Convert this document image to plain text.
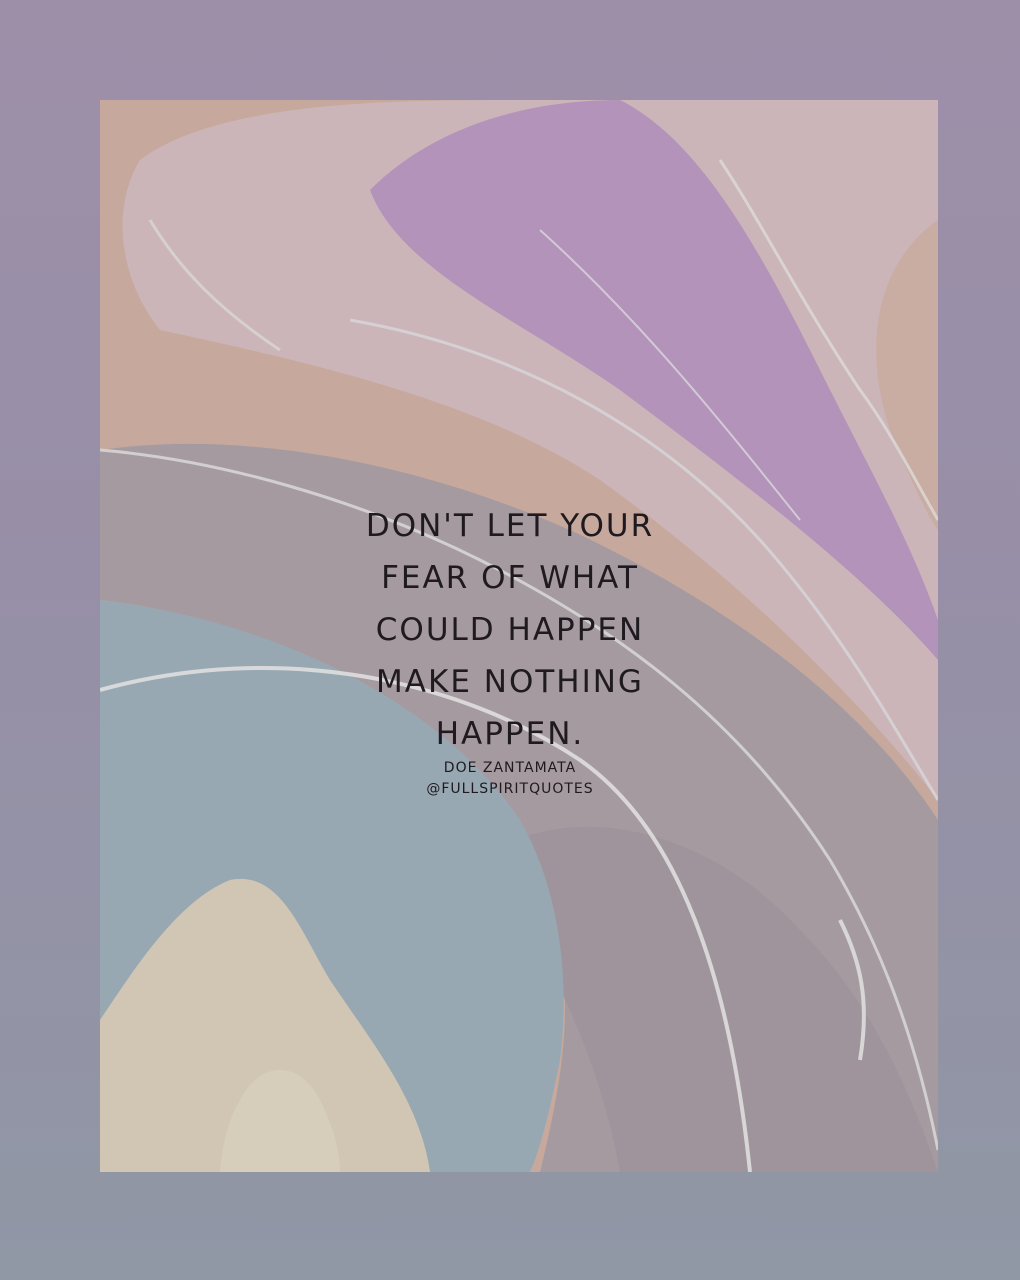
DON'T LET YOUR
FEAR OF WHAT
COULD HAPPEN
MAKE NOTHING
HAPPEN.

DOE ZANTAMATA

@FULLSPIRITQUOTES
